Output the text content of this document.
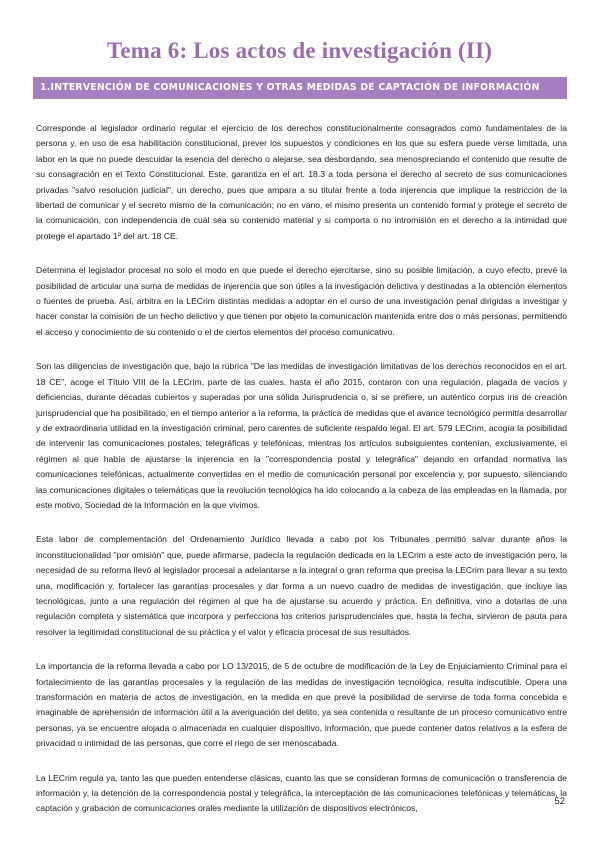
Tema 6: Los actos de investigación (II)
1.INTERVENCIÓN DE COMUNICACIONES Y OTRAS MEDIDAS DE CAPTACIÓN DE INFORMACIÓN

Corresponde al legislador ordinario regular el ejercicio de los derechos constitucionalmente consagrados como fundamentales de la persona y, en uso de esa habilitación constitucional, prever los supuestos y condiciones en los que su esfera puede verse limitada, una labor en la que no puede descuidar la esencia del derecho o alejarse, sea desbordando, sea menospreciando el contenido que resulte de su consagración en el Texto Constitucional. Este, garantiza en el art. 18.3 a toda persona el derecho al secreto de sus comunicaciones privadas "salvo resolución judicial", un derecho, pues que ampara a su titular frente a toda injerencia que implique la restricción de la libertad de comunicar y el secreto mismo de la comunicación; no en vano, el mismo presenta un contenido formal y protege el secreto de la comunicación, con independencia de cuál sea su contenido material y si comporta o no intromisión en el derecho a la intimidad que protege el apartado 1º del art. 18 CE.

Determina el legislador procesal no solo el modo en que puede el derecho ejercitarse, sino su posible limitación, a cuyo efecto, prevé la posibilidad de articular una suma de medidas de injerencia que son útiles a la investigación delictiva y destinadas a la obtención elementos o fuentes de prueba. Así, arbitra en la LECrim distintas medidas a adoptar en el curso de una investigación penal dirigidas a investigar y hacer constar la comisión de un hecho delictivo y que tienen por objeto la comunicación mantenida entre dos o más personas, permitiendo el acceso y conocimiento de su contenido o el de ciertos elementos del proceso comunicativo.

Son las diligencias de investigación que, bajo la rúbrica "De las medidas de investigación limitativas de los derechos reconocidos en el art. 18 CE", acoge el Título VIII de la LECrim, parte de las cuales, hasta el año 2015, contaron con una regulación, plagada de vacíos y deficiencias, durante décadas cubiertos y superadas por una sólida Jurisprudencia o, si se prefiere, un auténtico corpus iris de creación jurisprudencial que ha posibilitado, en el tiempo anterior a la reforma, la práctica de medidas que el avance tecnológico permitía desarrollar y de extraordinaria utilidad en la investigación criminal, pero carentes de suficiente respaldo legal. El art. 579 LECrim, acogía la posibilidad de intervenir las comunicaciones postales, telegráficas y telefónicas, mientras los artículos subsiguientes contenían, exclusivamente, el régimen al que había de ajustarse la injerencia en la "correspondencia postal y telegráfica" dejando en orfandad normativa las comunicaciones telefónicas, actualmente convertidas en el medio de comunicación personal por excelencia y, por supuesto, silenciando las comunicaciones digitales o telemáticas que la revolución tecnológica ha ido colocando a la cabeza de las empleadas en la llamada, por este motivo, Sociedad de la Información en la que vivimos.

Esta labor de complementación del Ordenamiento Jurídico llevada a cabo por los Tribunales permitió salvar durante años la inconstitucionalidad "por omisión" que, puede afirmarse, padecía la regulación dedicada en la LECrim a este acto de investigación pero, la necesidad de su reforma llevó al legislador procesal a adelantarse a la integral o gran reforma que precisa la LECrim para llevar a su texto una, modificación y, fortalecer las garantías procesales y dar forma a un nuevo cuadro de medidas de investigación, que incluye las tecnológicas, junto a una regulación del régimen al que ha de ajustarse su acuerdo y práctica. En definitiva, vino a dotarlas de una regulación completa y sistemática que incorpora y perfecciona los criterios jurisprudenciales que, hasta la fecha, sirvieron de pauta para resolver la legitimidad constitucional de su práctica y el valor y eficacia procesal de sus resultados.

La importancia de la reforma llevada a cabo por LO 13/2015, de 5 de octubre de modificación de la Ley de Enjuiciamiento Criminal para el fortalecimiento de las garantías procesales y la regulación de las medidas de investigación tecnológica, resulta indiscutible. Opera una transformación en materia de actos de investigación, en la medida en que prevé la posibilidad de servirse de toda forma concebida e imaginable de aprehensión de información útil a la averiguación del delito, ya sea contenida o resultante de un proceso comunicativo entre personas, ya se encuentre alojada o almacenada en cualquier dispositivo, información, que puede contener datos relativos a la esfera de privacidad o intimidad de las personas, que corre el riego de ser menoscabada.

La LECrim regula ya, tanto las que pueden entenderse clásicas, cuanto las que se consideran formas de comunicación o transferencia de información y, la detención de la correspondencia postal y telegráfica, la interceptación de las comunicaciones telefónicas y telemáticas, la captación y grabación de comunicaciones orales mediante la utilización de dispositivos electrónicos,

52
